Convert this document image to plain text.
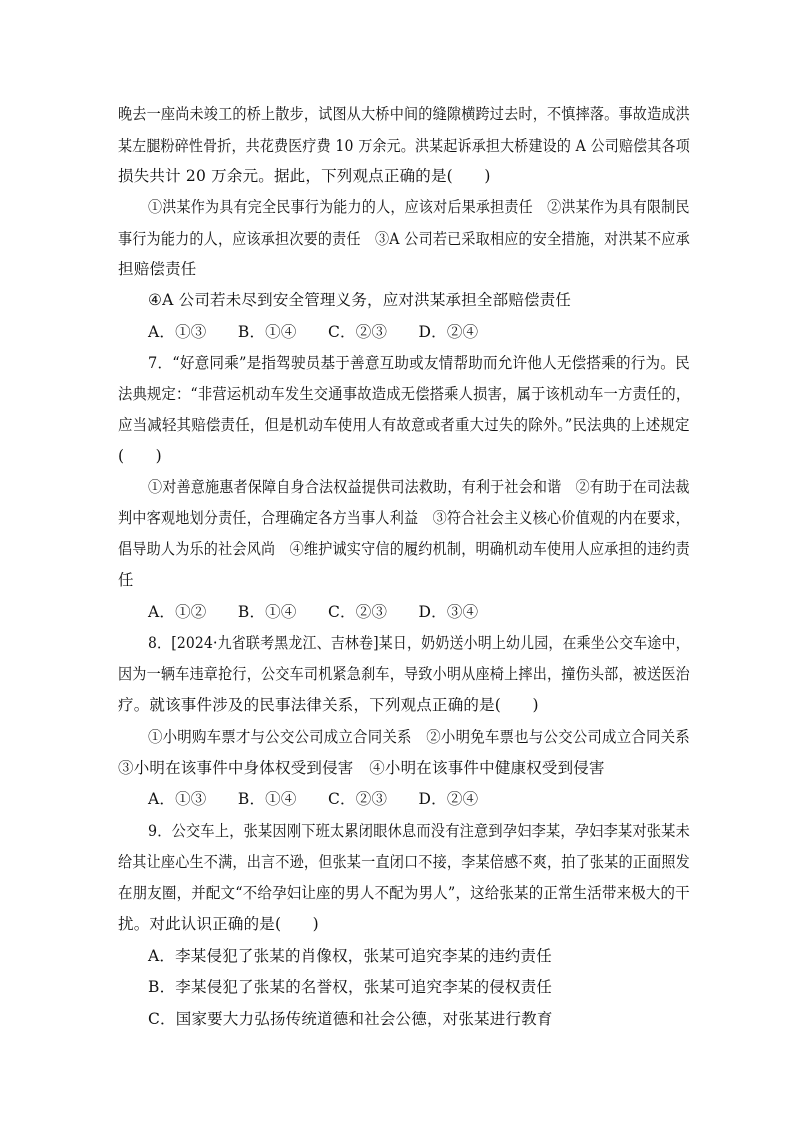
晚去一座尚未竣工的桥上散步，试图从大桥中间的缝隙横跨过去时，不慎摔落。事故造成洪
某左腿粉碎性骨折，共花费医疗费 10 万余元。洪某起诉承担大桥建设的 A 公司赔偿其各项
损失共计 20 万余元。据此，下列观点正确的是(　　)
①洪某作为具有完全民事行为能力的人，应该对后果承担责任　②洪某作为具有限制民
事行为能力的人，应该承担次要的责任　③A 公司若已采取相应的安全措施，对洪某不应承
担赔偿责任
④A 公司若未尽到安全管理义务，应对洪某承担全部赔偿责任
A．①③　　B．①④　　C．②③　　D．②④
7．“好意同乘”是指驾驶员基于善意互助或友情帮助而允许他人无偿搭乘的行为。民
法典规定：“非营运机动车发生交通事故造成无偿搭乘人损害，属于该机动车一方责任的，
应当减轻其赔偿责任，但是机动车使用人有故意或者重大过失的除外。”民法典的上述规定
(　　)
①对善意施惠者保障自身合法权益提供司法救助，有利于社会和谐　②有助于在司法裁
判中客观地划分责任，合理确定各方当事人利益　③符合社会主义核心价值观的内在要求，
倡导助人为乐的社会风尚　④维护诚实守信的履约机制，明确机动车使用人应承担的违约责
任
A．①②　　B．①④　　C．②③　　D．③④
8．[2024·九省联考黑龙江、吉林卷]某日，奶奶送小明上幼儿园，在乘坐公交车途中，
因为一辆车违章抢行，公交车司机紧急刹车，导致小明从座椅上摔出，撞伤头部，被送医治
疗。就该事件涉及的民事法律关系，下列观点正确的是(　　)
①小明购车票才与公交公司成立合同关系　②小明免车票也与公交公司成立合同关系
③小明在该事件中身体权受到侵害　④小明在该事件中健康权受到侵害
A．①③　　B．①④　　C．②③　　D．②④
9．公交车上，张某因刚下班太累闭眼休息而没有注意到孕妇李某，孕妇李某对张某未
给其让座心生不满，出言不逊，但张某一直闭口不接，李某倍感不爽，拍了张某的正面照发
在朋友圈，并配文“不给孕妇让座的男人不配为男人”，这给张某的正常生活带来极大的干
扰。对此认识正确的是(　　)
A．李某侵犯了张某的肖像权，张某可追究李某的违约责任
B．李某侵犯了张某的名誉权，张某可追究李某的侵权责任
C．国家要大力弘扬传统道德和社会公德，对张某进行教育
